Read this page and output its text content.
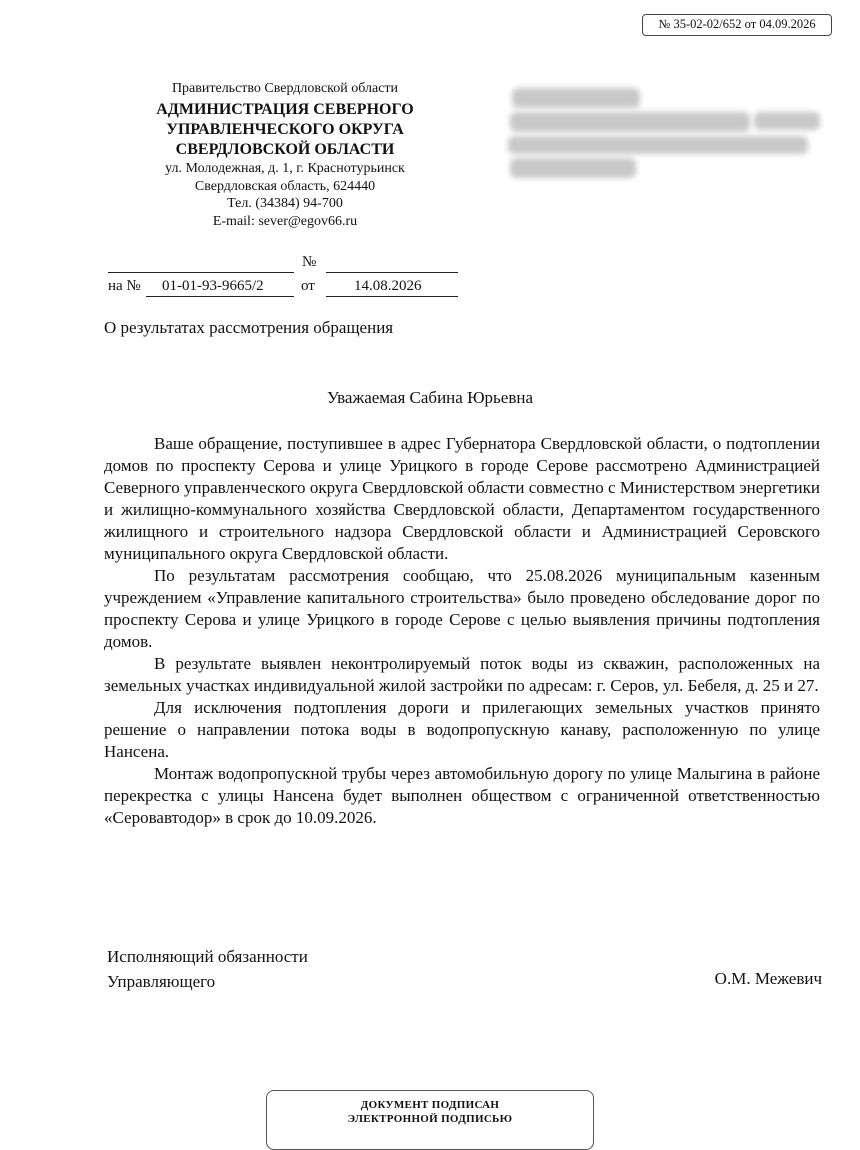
№ 35-02-02/652 от 04.09.2026
Правительство Свердловской области
АДМИНИСТРАЦИЯ СЕВЕРНОГО
УПРАВЛЕНЧЕСКОГО ОКРУГА
СВЕРДЛОВСКОЙ ОБЛАСТИ
ул. Молодежная, д. 1, г. Краснотурьинск
Свердловская область, 624440
Тел. (34384) 94-700
E-mail: sever@egov66.ru
№
на № 01-01-93-9665/2 от	14.08.2026
О результатах рассмотрения обращения
Уважаемая Сабина Юрьевна

Ваше обращение, поступившее в адрес Губернатора Свердловской области, о подтоплении домов по проспекту Серова и улице Урицкого в городе Серове рассмотрено Администрацией Северного управленческого округа Свердловской области совместно с Министерством энергетики и жилищно-коммунального хозяйства Свердловской области, Департаментом государственного жилищного и строительного надзора Свердловской области и Администрацией Серовского муниципального округа Свердловской области.

По результатам рассмотрения сообщаю, что 25.08.2026 муниципальным казенным учреждением «Управление капитального строительства» было проведено обследование дорог по проспекту Серова и улице Урицкого в городе Серове с целью выявления причины подтопления домов.

В результате выявлен неконтролируемый поток воды из скважин, расположенных на земельных участках индивидуальной жилой застройки по адресам: г. Серов, ул. Бебеля, д. 25 и 27.

Для исключения подтопления дороги и прилегающих земельных участков принято решение о направлении потока воды в водопропускную канаву, расположенную по улице Нансена.

Монтаж водопропускной трубы через автомобильную дорогу по улице Малыгина в районе перекрестка с улицы Нансена будет выполнен обществом с ограниченной ответственностью «Серовавтодор» в срок до 10.09.2026.

Исполняющий обязанности
Управляющего	О.М. Межевич
ДОКУМЕНТ ПОДПИСАН
ЭЛЕКТРОННОЙ ПОДПИСЬЮ
